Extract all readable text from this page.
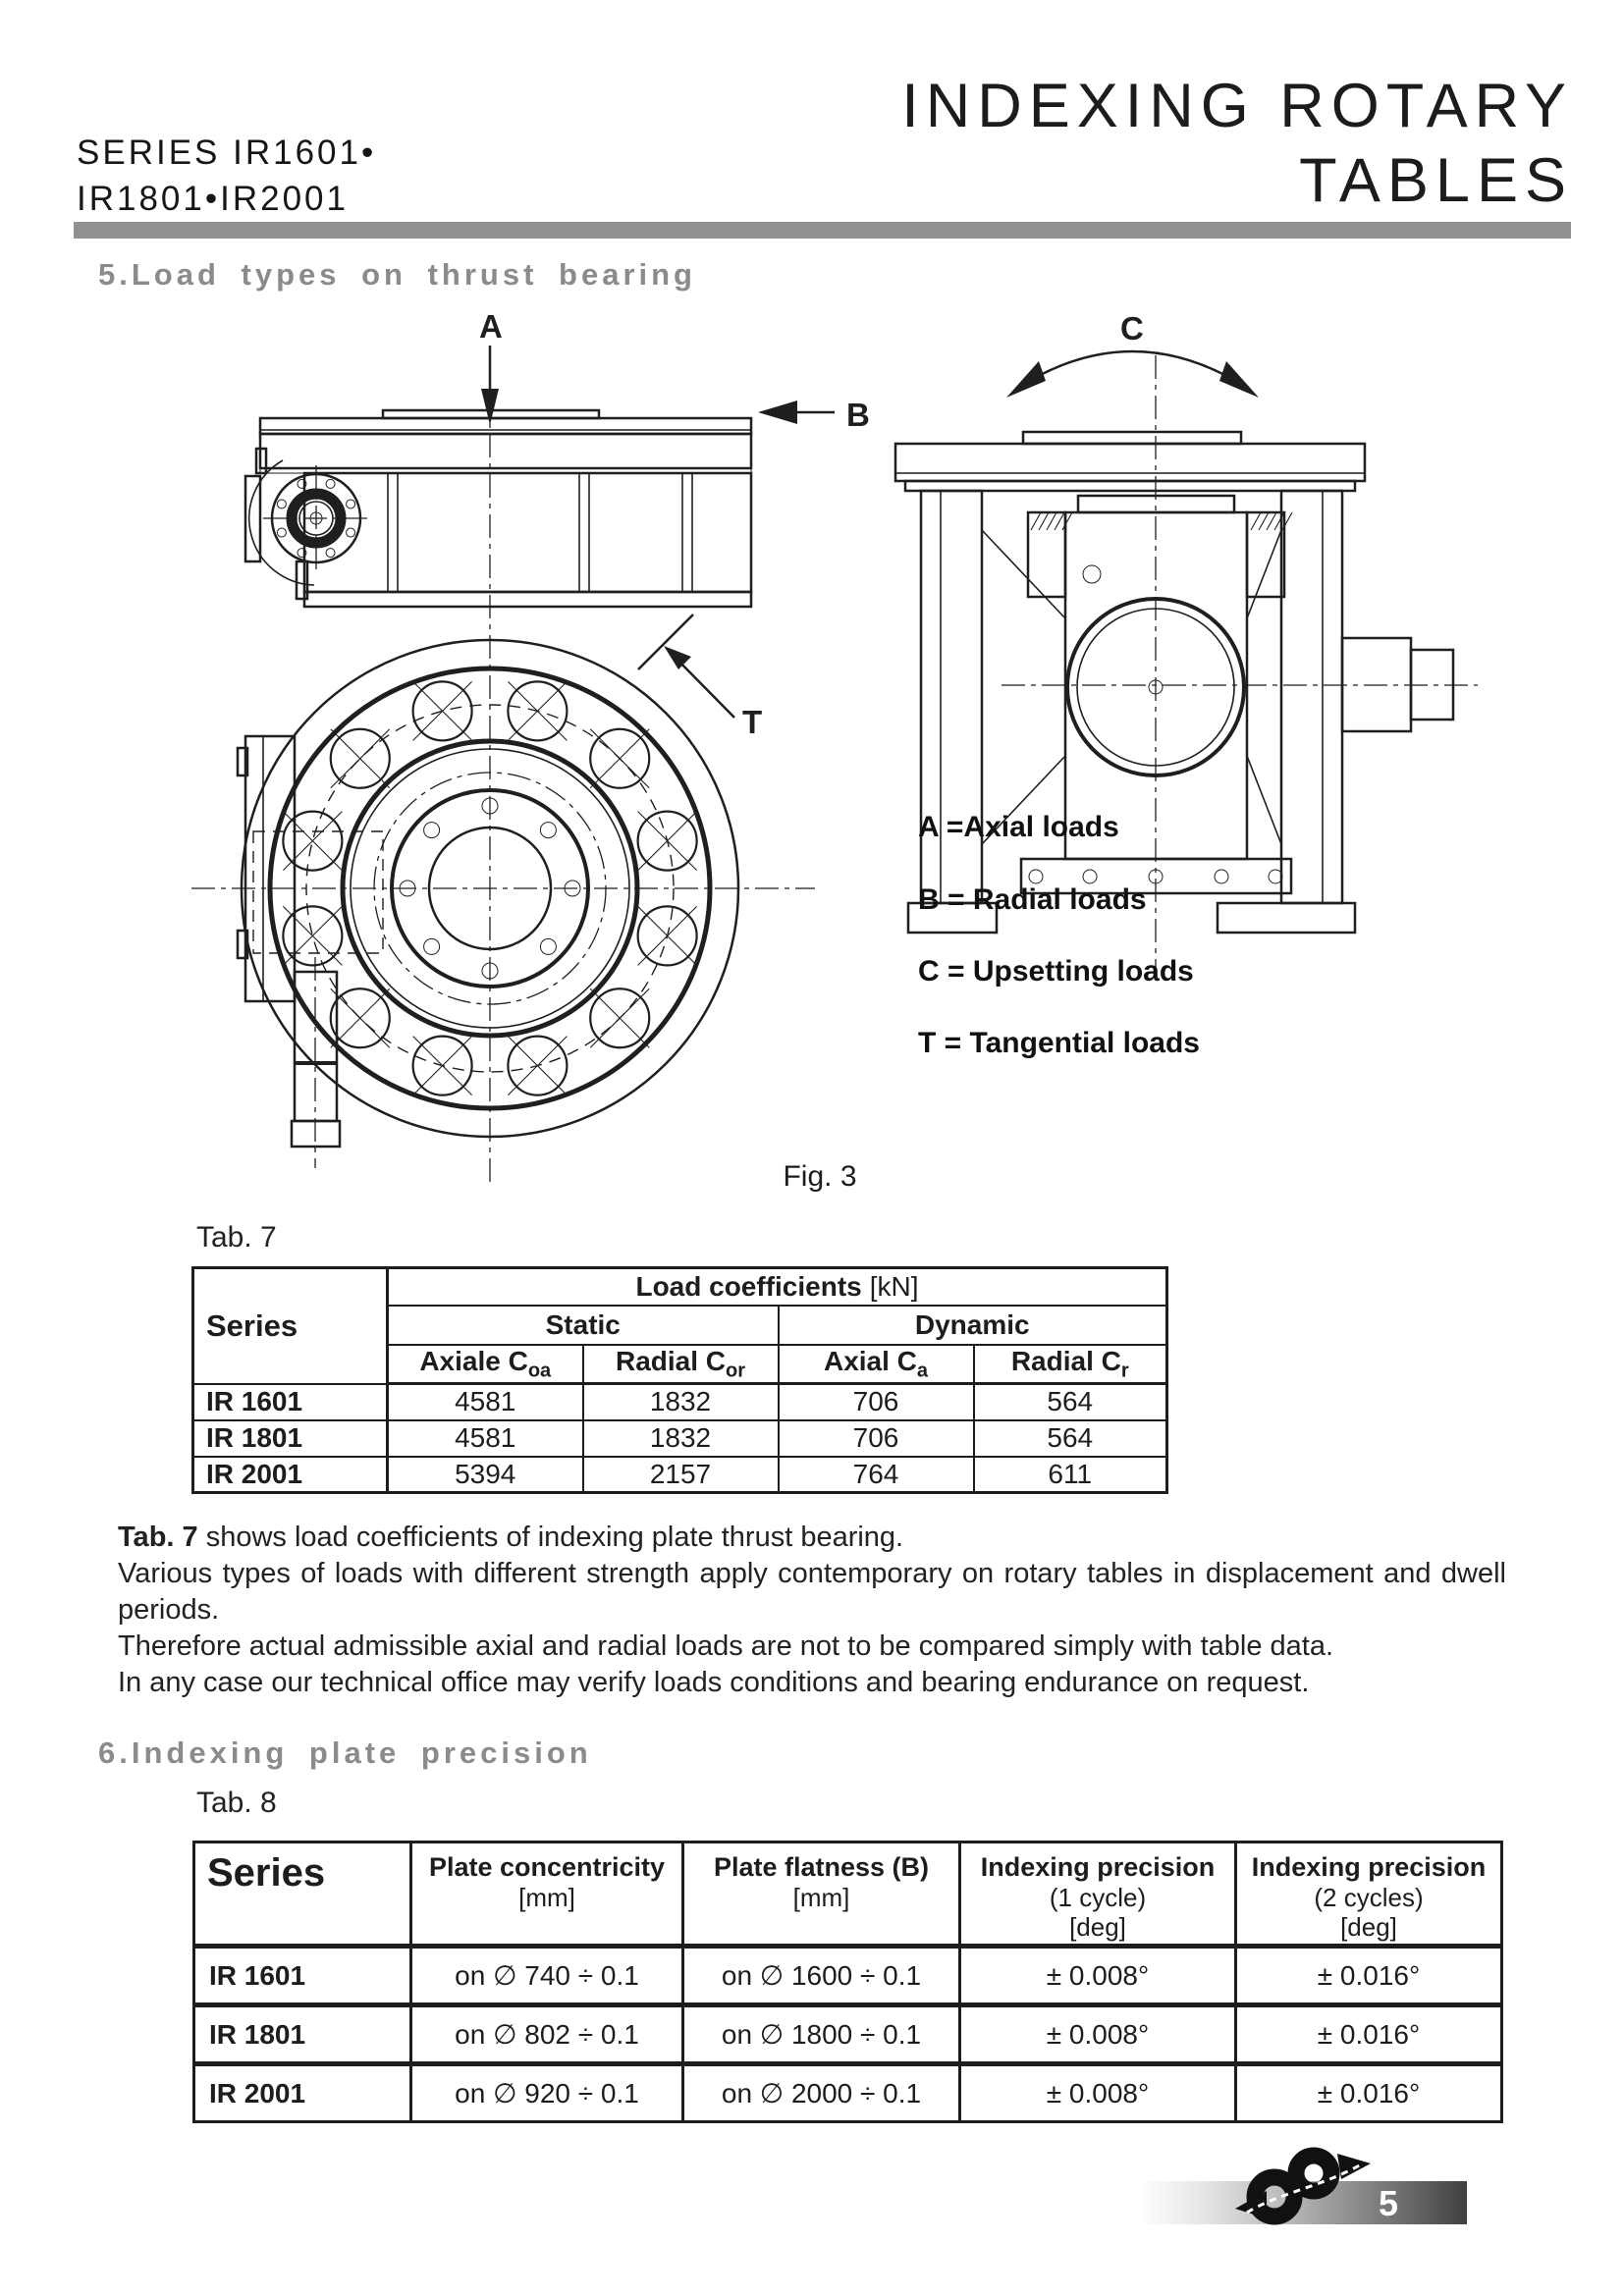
SERIES IR1601•
IR1801•IR2001
INDEXING ROTARY
TABLES
5.Load types on thrust bearing
A
B
C
T
A =Axial loads
B = Radial loads
C = Upsetting loads
T = Tangential loads
Fig. 3
Tab. 7
Series	Load coefficients [kN]			
	Static		Dynamic	
	Axiale $C_{oa}$	Radial $C_{or}$	Axial $C_a$	Radial $C_r$
IR 1601	4581	1832	706	564
IR 1801	4581	1832	706	564
IR 2001	5394	2157	764	611
Tab. 7 shows load coefficients of indexing plate thrust bearing.
Various types of loads with different strength apply contemporary on rotary tables in displacement and dwell
periods.
Therefore actual admissible axial and radial loads are not to be compared simply with table data.
In any case our technical office may verify loads conditions and bearing endurance on request.
6.Indexing plate precision
Tab. 8
Series	Plate concentricity
[mm]

Plate flatness (B)
[mm]

Indexing precision
(1 cycle)
[deg]

Indexing precision
(2 cycles)
[deg]

IR 1601	on ∅ 740 ÷ 0.1	on ∅ 1600 ÷ 0.1	± 0.008°	± 0.016°
IR 1801	on ∅ 802 ÷ 0.1	on ∅ 1800 ÷ 0.1	± 0.008°	± 0.016°
IR 2001	on ∅ 920 ÷ 0.1	on ∅ 2000 ÷ 0.1	± 0.008°	± 0.016°
5
